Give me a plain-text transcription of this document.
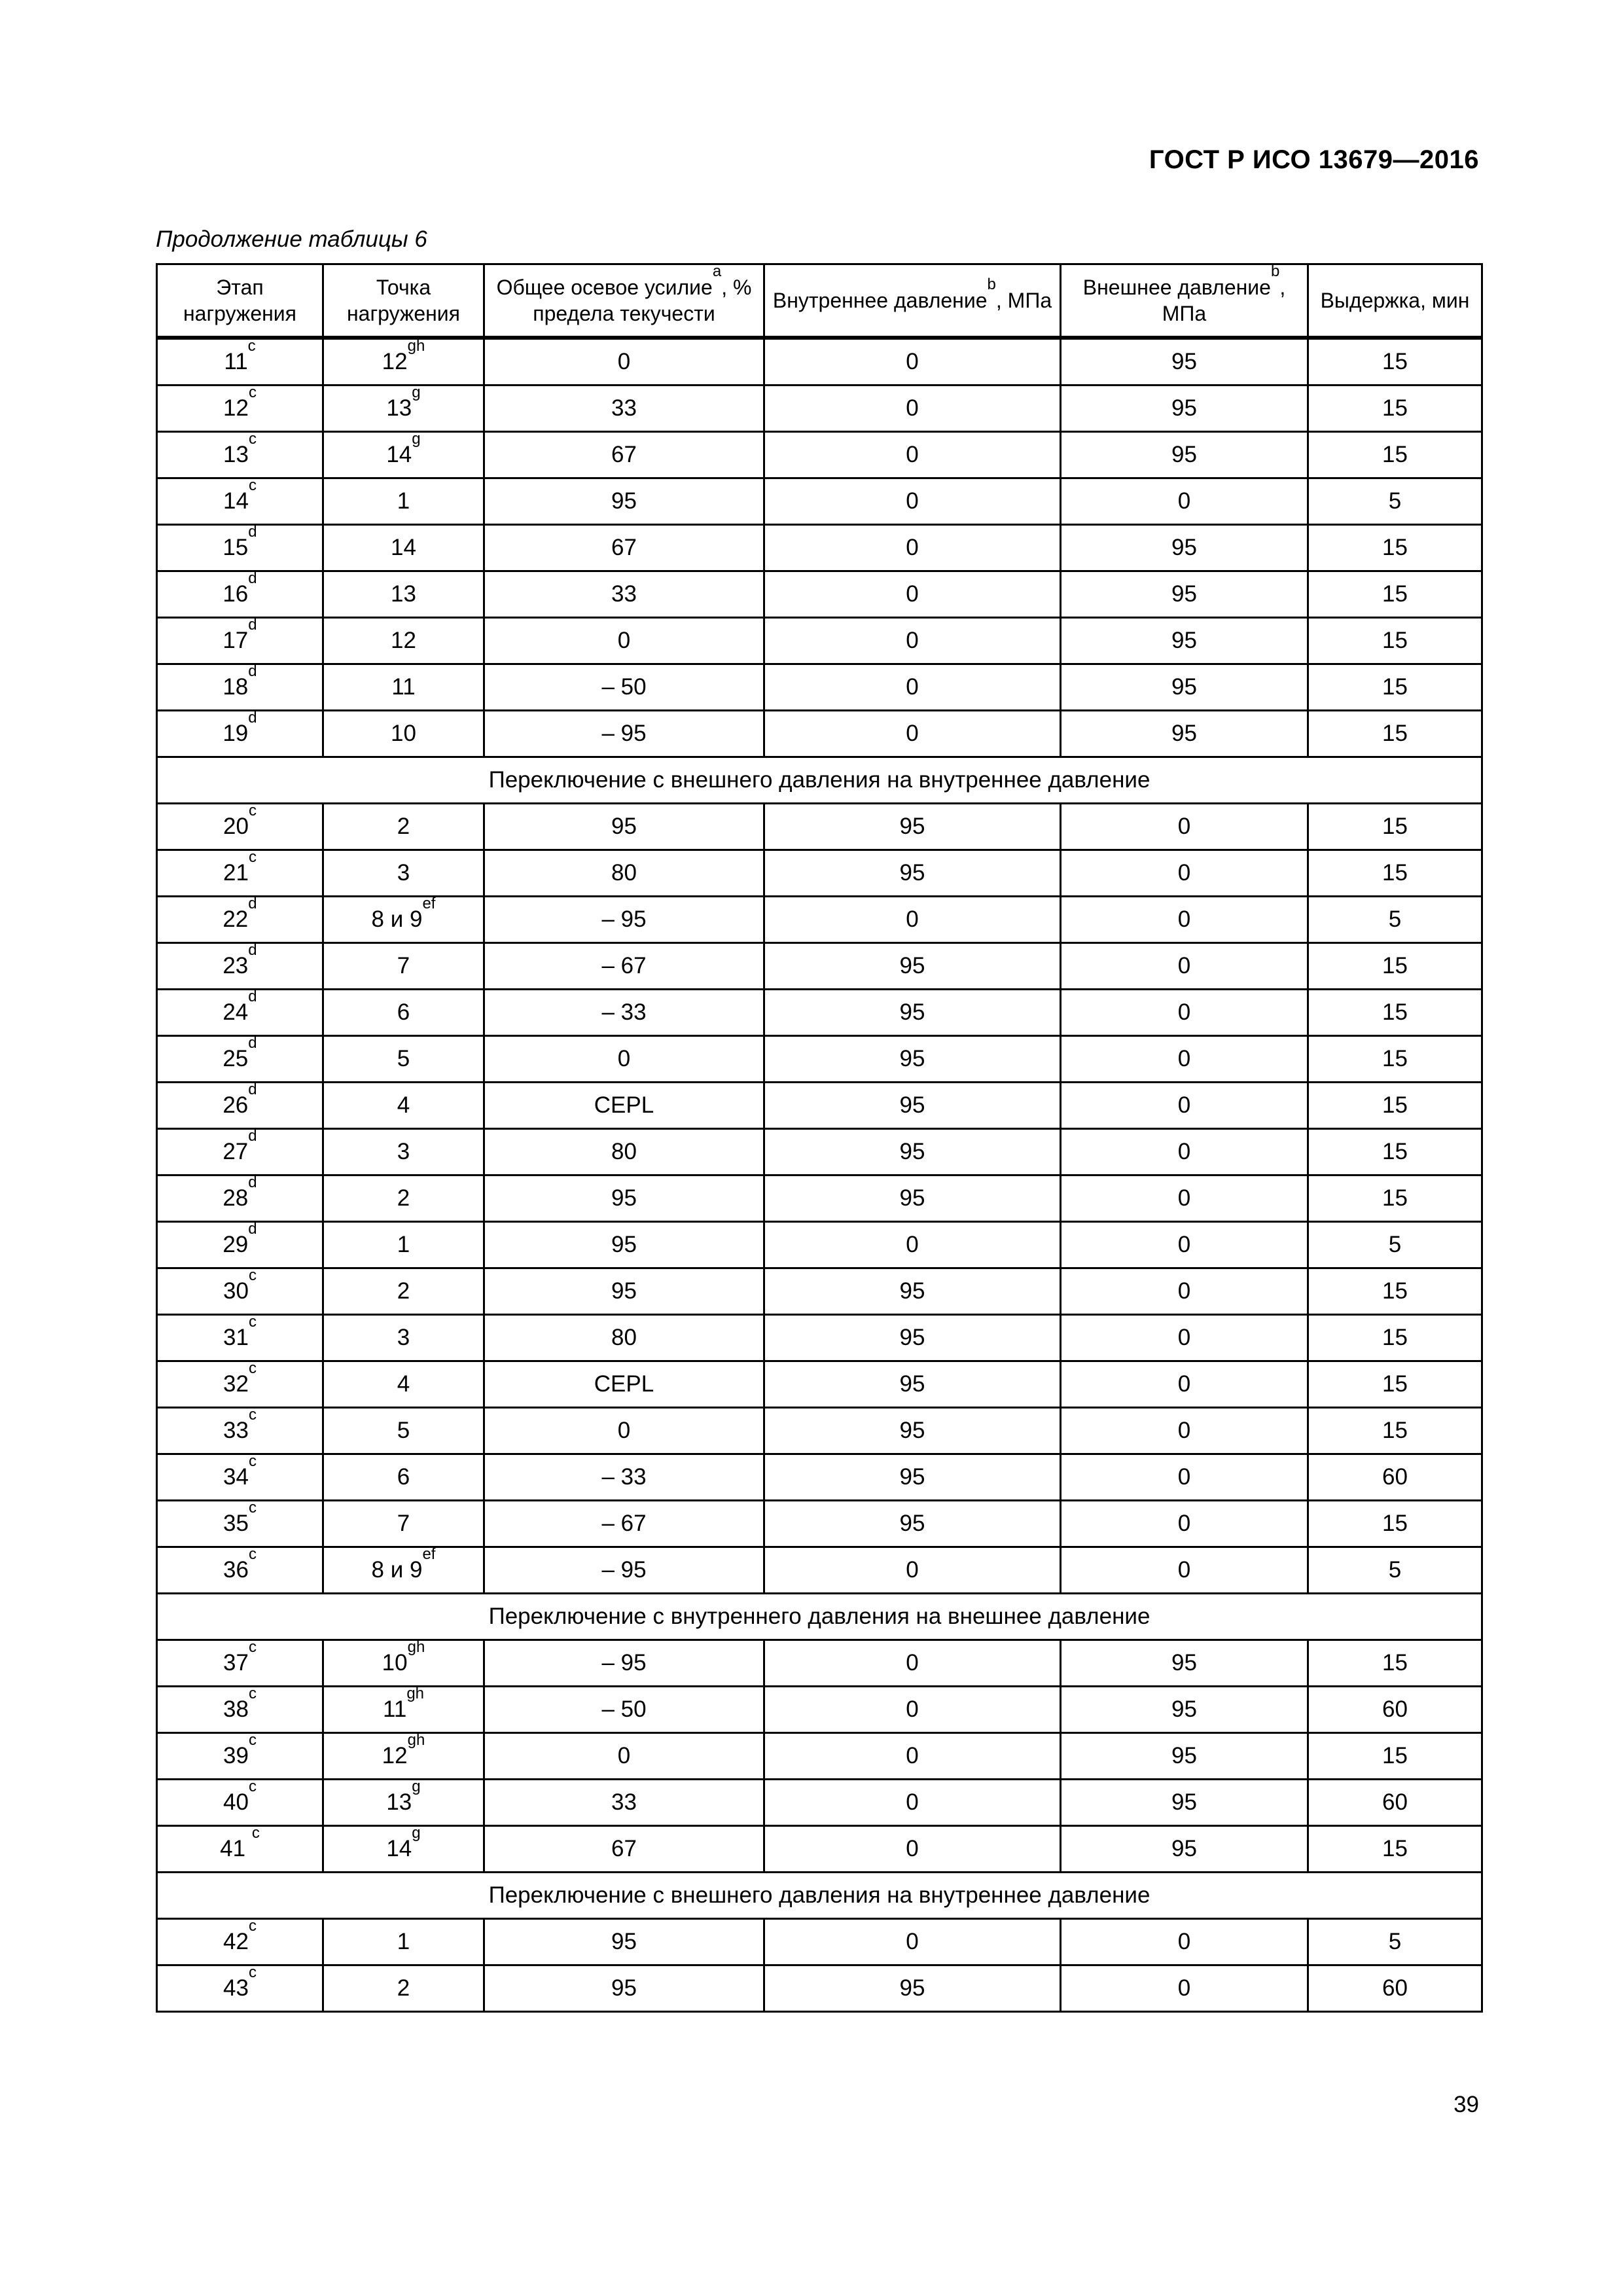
ГОСТ Р ИСО 13679—2016
Продолжение таблицы 6
Этап нагружения	Точка нагружения	Общее осевое усилие$^a$, % предела текучести	Внутреннее давление$^b$, МПа	Внешнее давление$^b$, МПа	Выдержка, мин
11$^c$	$12^{gh}$	0	0	95	15
12$^c$	13$^g$	33	0	95	15
13$^c$	14$^g$	67	0	95	15
14$^c$	1	95	0	0	5
15$^d$	14	67	0	95	15
16$^d$	13	33	0	95	15
17$^d$	12	0	0	95	15
18$^d$	11	– 50	0	95	15
19$^d$	10	– 95	0	95	15
Переключение с внешнего давления на внутреннее давление					
20$^c$	2	95	95	0	15
21$^c$	3	80	95	0	15
22$^d$	8 и $9^{ef}$	– 95	0	0	5
23$^d$	7	– 67	95	0	15
24$^d$	6	– 33	95	0	15
25$^d$	5	0	95	0	15
26$^d$	4	CEPL	95	0	15
27$^d$	3	80	95	0	15
28$^d$	2	95	95	0	15
29$^d$	1	95	0	0	5
30$^c$	2	95	95	0	15
31$^c$	3	80	95	0	15
32$^c$	4	CEPL	95	0	15
33$^c$	5	0	95	0	15
34$^c$	6	– 33	95	0	60
35$^c$	7	– 67	95	0	15
36$^c$	8 и $9^{ef}$	– 95	0	0	5
Переключение с внутреннего давления на внешнее давление					
37$^c$	$10^{gh}$	– 95	0	95	15
38$^c$	$11^{gh}$	– 50	0	95	60
39$^c$	$12^{gh}$	0	0	95	15
40$^c$	13$^g$	33	0	95	60
41 $^c$	14$^g$	67	0	95	15
Переключение с внешнего давления на внутреннее давление					
42$^c$	1	95	0	0	5
43$^c$	2	95	95	0	60
39
